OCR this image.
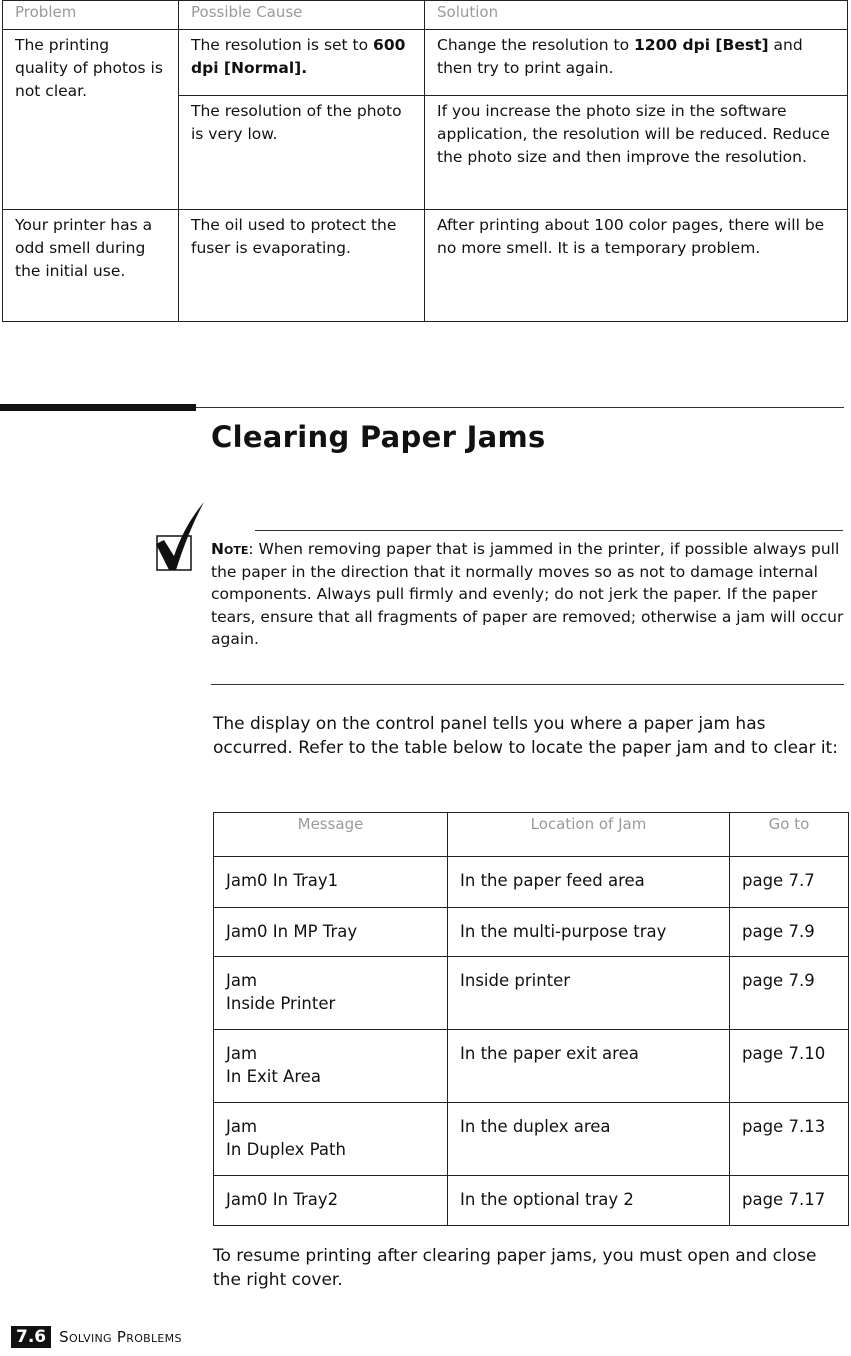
Problem	Possible Cause	Solution
The printing quality of photos is not clear.	The resolution is set to 600 dpi [Normal].	Change the resolution to 1200 dpi [Best] and then try to print again.
	The resolution of the photo is very low.	If you increase the photo size in the software application, the resolution will be reduced. Reduce the photo size and then improve the resolution.
Your printer has a odd smell during the initial use.	The oil used to protect the fuser is evaporating.	After printing about 100 color pages, there will be no more smell. It is a temporary problem.
Clearing Paper Jams

Note: When removing paper that is jammed in the printer, if possible always pull the paper in the direction that it normally moves so as not to damage internal components. Always pull firmly and evenly; do not jerk the paper. If the paper tears, ensure that all fragments of paper are removed; otherwise a jam will occur again.

The display on the control panel tells you where a paper jam has occurred. Refer to the table below to locate the paper jam and to clear it:

Message	Location of Jam	Go to

Jam0 In Tray1	In the paper feed area	page 7.7

Jam0 In MP Tray	In the multi-purpose tray	page 7.9

Jam
Inside Printer	Inside printer	page 7.9

Jam
In Exit Area	In the paper exit area	page 7.10

Jam
In Duplex Path	In the duplex area	page 7.13

Jam0 In Tray2	In the optional tray 2	page 7.17

To resume printing after clearing paper jams, you must open and close the right cover.

7.6 Solving Problems
